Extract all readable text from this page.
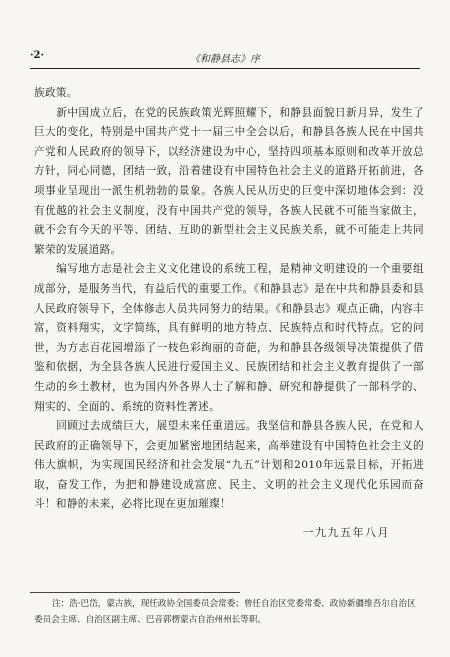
·2·	《和静县志》序

族政策。

新中国成立后，在党的民族政策光辉照耀下，和静县面貌日新月异，发生了巨大的变化，特别是中国共产党十一届三中全会以后，和静县各族人民在中国共产党和人民政府的领导下，以经济建设为中心，坚持四项基本原则和改革开放总方针，同心同德，团结一致，沿着建设有中国特色社会主义的道路开拓前进，各项事业呈现出一派生机勃勃的景象。各族人民从历史的巨变中深切地体会到：没有优越的社会主义制度，没有中国共产党的领导，各族人民就不可能当家做主，就不会有今天的平等、团结、互助的新型社会主义民族关系，就不可能走上共同繁荣的发展道路。

编写地方志是社会主义文化建设的系统工程，是精神文明建设的一个重要组成部分，是服务当代，有益后代的重要工作。《和静县志》是在中共和静县委和县人民政府领导下，全体修志人员共同努力的结果。《和静县志》观点正确，内容丰富，资料翔实，文字简练，具有鲜明的地方特点、民族特点和时代特点。它的问世，为方志百花园增添了一枝色彩绚丽的奇葩，为和静县各级领导决策提供了借鉴和依据，为全县各族人民进行爱国主义、民族团结和社会主义教育提供了一部生动的乡土教材，也为国内外各界人士了解和静、研究和静提供了一部科学的、翔实的、全面的、系统的资料性著述。

回顾过去成绩巨大，展望未来任重道远。我坚信和静县各族人民，在党和人民政府的正确领导下，会更加紧密地团结起来，高举建设有中国特色社会主义的伟大旗帜，为实现国民经济和社会发展“九五”计划和2010年远景目标，开拓进取，奋发工作，为把和静建设成富庶、民主、文明的社会主义现代化乐园而奋斗！和静的未来，必将比现在更加璀璨！

一九九五年八月
注：浩·巴岱，蒙古族，现任政协全国委员会常委；曾任自治区党委常委、政协新疆维吾尔自治区委员会主席、自治区副主席、巴音郭楞蒙古自治州州长等职。
